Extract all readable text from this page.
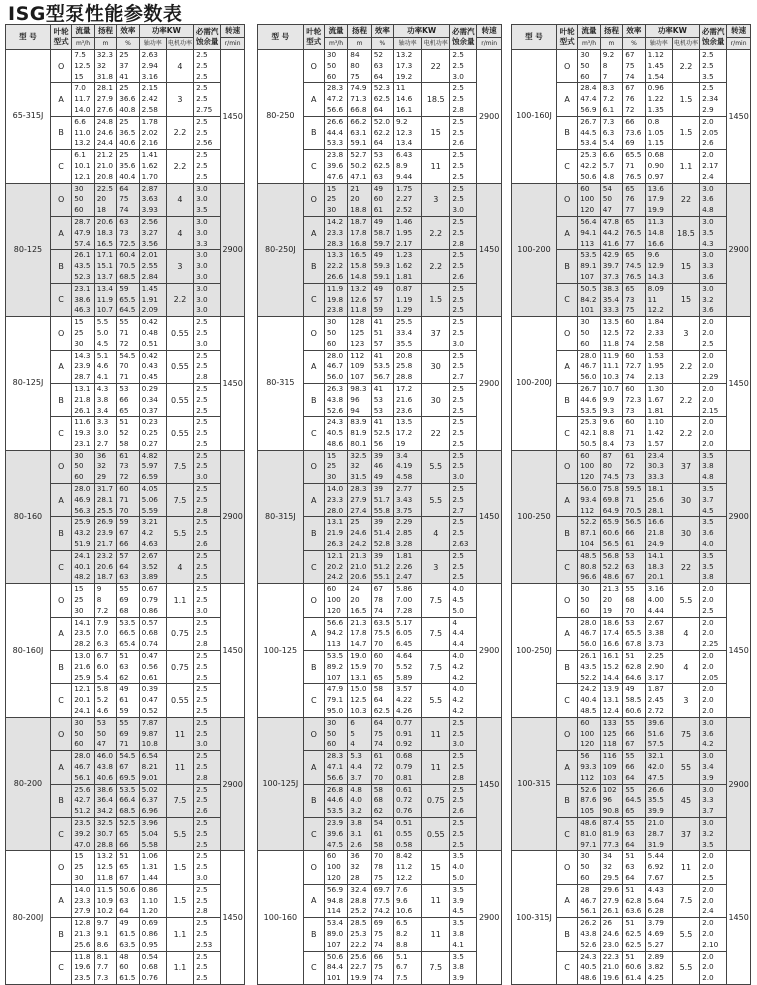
ISG型泵性能参数表
型 号	叶轮型式	流量	扬程	效率	功率KW		必需汽蚀余量	转速
		m³/h	m	%	轴功率	电机功率		r/min
65-315J	O	7.5
12.5
15	32.3
32
31.8	25
37
41	2.63
2.94
3.16	4	2.5
2.5
2.5	1450
	A	7.0
11.7
14.0	28.1
27.9
27.6	25
36.6
40.8	2.15
2.42
2.58	3	2.5
2.5
2.75	

	B	6.6
11.0
13.2	24.8
24.6
24.4	25
36.5
40.6	1.78
2.02
2.16	2.2	2.5
2.5
2.56	

	C	6.1
10.1
12.1	21.2
21.0
20.8	25
35.6
40.4	1.41
1.62
1.70	2.2	2.5
2.5
2.5	

80-125	O	30
50
60	22.5
20
18	64
75
74	2.87
3.63
3.93	4	3.0
3.0
3.5	2900
	A	28.7
47.9
57.4	20.6
18.3
16.5	63
73
72.5	2.56
3.27
3.56	4	3.0
3.0
3.3	

	B	26.1
43.5
52.3	17.1
15.1
13.7	60.4
70.5
68.5	2.01
2.55
2.84	3	3.0
3.0
3.0	

	C	23.1
38.6
46.3	13.4
11.9
10.7	59
65.5
64.5	1.45
1.91
2.09	2.2	3.0
3.0
3.0	

80-125J	O	15
25
30	5.5
5.0
4.5	55
71
72	0.42
0.48
0.51	0.55	2.5
2.5
3.0	1450
	A	14.3
23.9
28.7	5.1
4.6
4.1	54.5
70
71	0.42
0.43
0.45	0.55	2.5
2.5
2.8	

	B	13.1
21.8
26.1	4.3
3.8
3.4	53
66
65	0.29
0.34
0.37	0.55	2.5
2.5
2.5	

	C	11.6
19.3
23.1	3.3
3.0
2.7	51
52
58	0.23
0.25
0.27	0.55	2.5
2.5
2.5	

80-160	O	30
50
60	36
32
29	61
73
72	4.82
5.97
6.59	7.5	2.5
2.5
3.0	2900
	A	28.0
46.9
56.3	31.7
28.1
25.5	60
71
70	4.05
5.06
5.59	7.5	2.5
2.5
2.8	

	B	25.9
43.2
51.9	26.9
23.9
21.7	59
67
66	3.21
4.2
4.63	5.5	2.5
2.5
2.6	

	C	24.1
40.1
48.2	23.2
20.6
18.7	57
64
63	2.67
3.52
3.89	4	2.5
2.5
2.5	

80-160J	O	15
25
30	9
8
7.2	55
69
68	0.67
0.79
0.86	1.1	2.5
2.5
3.0	1450
	A	14.1
23.5
28.2	7.9
7.0
6.3	53.5
66.5
65.4	0.57
0.68
0.74	0.75	2.5
2.5
2.8	

	B	13.0
21.6
25.9	6.7
6.0
5.4	51
63
62	0.47
0.56
0.61	0.75	2.5
2.5
2.5	

	C	12.1
20.1
24.1	5.8
5.2
4.6	49
61
59	0.39
0.47
0.52	0.55	2.5
2.5
2.5	

80-200	O	30
50
60	53
50
47	55
69
71	7.87
9.87
10.8	11	2.5
2.5
3.0	2900
	A	28.0
46.7
56.1	46.0
43.8
40.6	54.5
67
69.5	6.54
8.21
9.01	11	2.5
2.5
2.8	

	B	25.6
42.7
51.2	38.6
36.4
34.2	53.5
66.4
68.5	5.02
6.37
6.96	7.5	2.5
2.5
2.6	

	C	23.5
39.2
47.0	32.5
30.7
28.8	52.5
65
66	3.96
5.04
5.58	5.5	2.5
2.5
2.5	

80-200J	O	15
25
30	13.2
12.5
11.8	51
65
67	1.06
1.31
1.44	1.5	2.5
2.5
3.0	1450
	A	14.0
23.3
27.9	11.5
10.9
10.2	50.6
63
64	0.86
1.10
1.20	1.5	2.5
2.5
2.8	

	B	12.8
21.3
25.6	9.7
9.1
8.6	49
61.5
63.5	0.69
0.86
0.95	1.1	2.5
2.5
2.53	

	C	11.8
19.6
23.5	8.1
7.7
7.3	48
60
61.5	0.54
0.68
0.76	1.1	2.5
2.5
2.5	
型 号	叶轮型式	流量	扬程	效率	功率KW		必需汽蚀余量	转速
		m³/h	m	%	轴功率	电机功率		r/min
80-250	O	30
50
60	84
80
75	52
63
64	13.2
17.3
19.2	22	2.5
2.5
3.0	2900
	A	28.3
47.2
56.6	74.9
71.3
66.8	52.3
62.5
64	11
14.6
16.1	18.5	2.5
2.5
2.8	

	B	26.6
44.4
53.3	66.2
63.1
59.1	52.0
62.2
64	9.2
12.3
13.4	15	2.5
2.5
2.6	

	C	23.8
39.6
47.6	52.7
50.2
47.1	53
62.5
63	6.43
8.9
9.44	11	2.5
2.5
2.5	

80-250J	O	15
25
30	21
20
18.8	49
60
61	1.75
2.27
2.52	3	2.5
2.5
3.0	1450
	A	14.2
23.3
28.3	18.7
17.8
16.8	49
58.7
59.7	1.46
1.95
2.17	2.2	2.5
2.5
2.8	

	B	13.3
22.2
26.6	16.5
15.8
14.8	49
59.3
59.1	1.23
1.62
1.81	2.2	2.5
2.5
2.6	

	C	11.9
19.8
23.8	13.2
12.6
11.8	49
57
59	0.87
1.19
1.29	1.5	2.5
2.5
2.5	

80-315	O	30
50
60	128
125
123	41
51
57	25.5
33.4
35.5	37	2.5
2.5
3.0	2900
	A	28.0
46.7
56.0	112
109
107	41
53.5
56.7	20.8
25.8
28.8	30	2.5
2.5
2.7	

	B	26.3
43.8
52.6	98.3
96
94	41
53
53	17.2
21.6
23.6	30	2.5
2.5
2.5	

	C	24.3
40.5
48.6	83.9
81.9
80.1	41
52.5
56	13.5
17.2
19	22	2.5
2.5
2.5	

80-315J	O	15
25
30	32.5
32
31.5	39
46
49	3.4
4.19
4.58	5.5	2.5
2.5
3.0	1450
	A	14.0
23.3
28.0	28.3
27.9
27.4	39
51.7
55.8	2.77
3.43
3.75	5.5	2.5
2.5
2.7	

	B	13.1
21.9
26.3	25
24.6
24.2	39
51.4
52.8	2.29
2.85
3.28	4	2.5
2.5
2.63	

	C	12.1
20.2
24.2	21.3
21.0
20.6	39
51.2
55.1	1.81
2.26
2.47	3	2.5
2.5
2.5	

100-125	O	60
100
120	24
20
16.5	67
78
74	5.86
7.00
7.28	7.5	4.0
4.5
5.0	2900
	A	56.6
94.2
113	21.3
17.8
14.7	63.5
75.5
70	5.17
6.05
6.45	7.5	4
4.4
4.4	

	B	53.5
89.2
107	19.0
15.9
13.1	60
70
65	4.64
5.52
5.89	7.5	4.0
4.2
4.2	

	C	47.9
79.1
95.0	15.0
12.5
10.3	58
64
62.5	3.57
4.22
4.26	5.5	4.0
4.2
4.2	

100-125J	O	30
50
60	6
5
4	64
75
74	0.77
0.91
0.92	11	2.5
2.5
3.0	1450
	A	28.3
47.1
56.6	5.3
4.4
3.7	61
72
70	0.68
0.79
0.81	11	2.5
2.5
2.8	

	B	26.8
44.6
53.5	4.8
4.0
3.2	58
68
62	0.61
0.72
0.76	0.75	2.5
2.5
2.6	

	C	23.9
39.6
47.5	3.8
3.1
2.6	54
61
58	0.51
0.55
0.58	0.55	2.5
2.5
2.5	

100-160	O	60
100
120	36
32
28	70
78
75	8.42
11.2
12.2	15	3.5
4.0
5.0	2900
	A	56.9
94.8
114	32.4
28.8
25.2	69.7
77.5
74.2	7.6
9.6
10.6	11	3.5
3.9
4.5	

	B	53.4
89.0
107	28.5
25.3
22.2	69
75
74	6.5
8.2
8.8	11	3.5
3.8
4.1	

	C	50.6
84.4
101	25.6
22.7
19.9	66
75
74	5.1
6.7
7.5	7.5	3.5
3.8
3.9	
型 号	叶轮型式	流量	扬程	效率	功率KW		必需汽蚀余量	转速
		m³/h	m	%	轴功率	电机功率		r/min
100-160J	O	30
50
60	9.2
8
7	67
75
74	1.12
1.45
1.54	2.2	2.5
2.5
3.5	1450
	A	28.4
47.4
56.9	8.3
7.2
6.1	67
76
72	0.96
1.22
1.35	1.5	2.5
2.34
2.9	

	B	26.7
44.5
53.4	7.3
6.3
5.4	66
73.6
69	0.8
1.05
1.15	1.5	2.0
2.05
2.6	

	C	25.3
42.2
50.6	6.6
5.7
4.8	65.5
71
76.5	0.68
0.90
0.97	1.1	2.0
2.17
2.4	

100-200	O	60
100
120	54
50
47	65
76
77	13.6
17.9
19.9	22	3.0
3.6
4.8	2900
	A	56.4
94.1
113	47.8
44.2
41.6	65
76.5
77	11.3
14.8
16.6	18.5	3.0
3.5
4.3	

	B	53.5
89.1
107	42.9
39.7
37.3	65
74.5
76.5	9.6
12.9
14.3	15	3.0
3.3
3.6	

	C	50.5
84.2
101	38.3
35.4
33.3	65
73
75	8.09
11
12.2	15	3.0
3.2
3.6	

100-200J	O	30
50
60	13.5
12.5
11.8	60
72
74	1.84
2.33
2.58	3	2.0
2.0
2.5	1450
	A	28.0
46.7
56.0	11.9
11.1
10.3	60
72.7
74	1.53
1.95
2.13	2.2	2.0
2.0
2.29	

	B	26.7
44.6
53.5	10.7
9.9
9.3	60
72.3
73	1.30
1.67
1.81	2.2	2.0
2.0
2.15	

	C	25.3
42.1
50.5	9.6
8.8
8.4	60
71
73	1.10
1.42
1.57	2.2	2.0
2.0
2.0	

100-250	O	60
100
120	87
80
74.5	61
72
73	23.4
30.3
33.3	37	3.5
3.8
4.8	2900
	A	56.0
93.4
112	75.8
69.8
64.9	59.5
71
70.5	18.1
25.6
28.1	30	3.5
3.7
4.5	

	B	52.2
87.1
104	65.9
60.6
56.5	56.5
66
61	16.6
21.8
24.9	30	3.5
3.6
4.0	

	C	48.5
80.8
96.6	56.8
52.2
48.6	53
63
67	14.1
18.3
20.1	22	3.5
3.5
3.8	

100-250J	O	30
50
60	21.3
20
19	55
68
70	3.16
4.00
4.44	5.5	2.0
2.0
2.5	1450
	A	28.0
46.7
56.0	18.6
17.4
16.6	53
65.5
67.8	2.67
3.38
3.73	4	2.0
2.0
2.25	

	B	26.1
43.5
52.2	16.1
15.2
14.4	51
62.8
64.6	2.25
2.90
3.17	4	2.0
2.0
2.05	

	C	24.2
40.4
48.5	13.9
13.1
12.4	49
58.5
60.6	1.87
2.45
2.72	3	2.0
2.0
2.0	

100-315	O	60
100
120	133
125
118	55
66
67	39.6
51.6
57.5	75	3.0
3.6
4.2	2900
	A	56
93.3
112	116
109
103	55
66
64	32.1
42.0
47.5	55	3.0
3.4
3.9	

	B	52.6
87.6
105	102
96
90.8	55
64.5
65	26.6
35.5
39.9	45	3.0
3.3
3.7	

	C	48.6
81.0
97.1	87.4
81.9
77.3	55
63
64	21.0
28.7
31.9	37	3.0
3.2
3.5	

100-315J	O	30
50
60	34
32
29.5	51
63
64	5.44
6.92
7.67	11	2.0
2.0
2.5	1450
	A	28
46.7
56.1	29.6
27.9
26.1	51
62.8
63.6	4.43
5.64
6.28	7.5	2.0
2.0
2.4	

	B	26.2
43.8
52.6	26
24.6
23.0	51
62.5
62.5	3.79
4.69
5.27	5.5	2.0
2.0
2.10	

	C	24.3
40.5
48.6	22.3
21.0
19.6	51
60.6
61.4	2.89
3.82
4.25	5.5	2.0
2.0
2.0	
